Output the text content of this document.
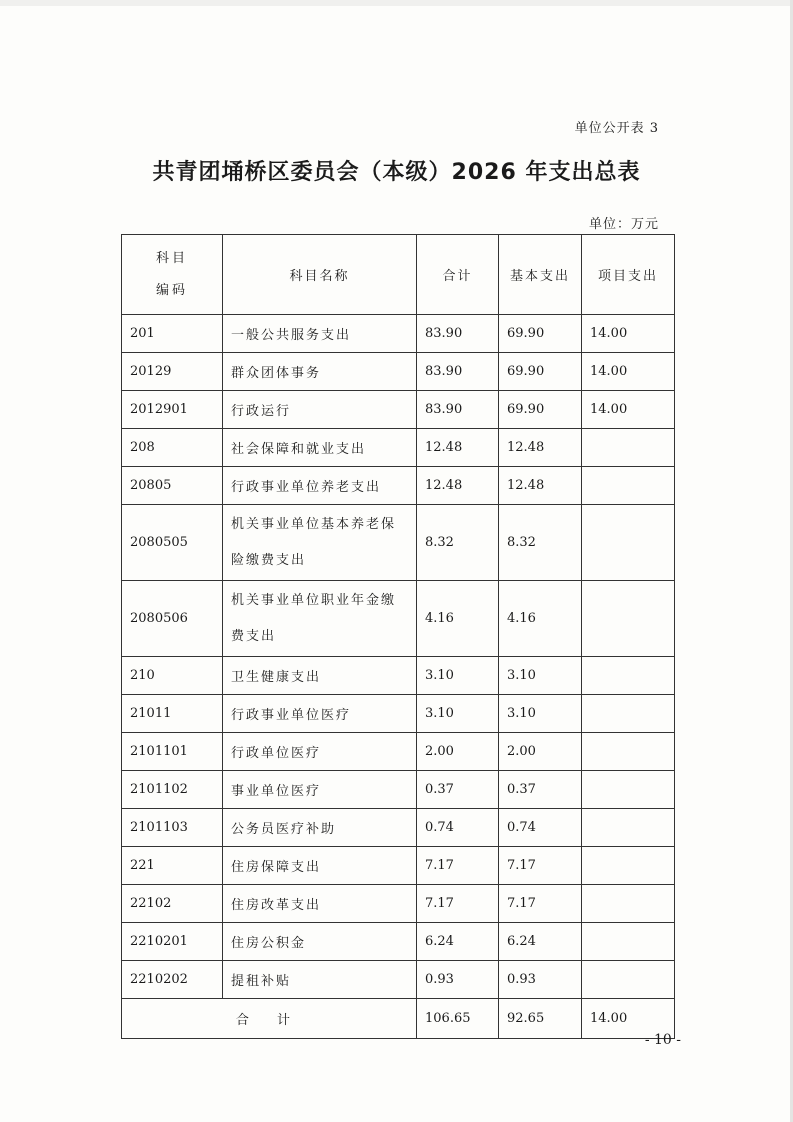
单位公开表 3
共青团埇桥区委员会（本级）2026 年支出总表
单位：万元
科目
编码	科目名称	合计	基本支出	项目支出
201	一般公共服务支出	83.90	69.90	14.00
20129	群众团体事务	83.90	69.90	14.00
2012901	行政运行	83.90	69.90	14.00
208	社会保障和就业支出	12.48	12.48	
20805	行政事业单位养老支出	12.48	12.48	
2080505	机关事业单位基本养老保险缴费支出	8.32	8.32	
2080506	机关事业单位职业年金缴费支出	4.16	4.16	
210	卫生健康支出	3.10	3.10	
21011	行政事业单位医疗	3.10	3.10	
2101101	行政单位医疗	2.00	2.00	
2101102	事业单位医疗	0.37	0.37	
2101103	公务员医疗补助	0.74	0.74	
221	住房保障支出	7.17	7.17	
22102	住房改革支出	7.17	7.17	
2210201	住房公积金	6.24	6.24	
2210202	提租补贴	0.93	0.93	
合 计		106.65	92.65	14.00
- 10 -
